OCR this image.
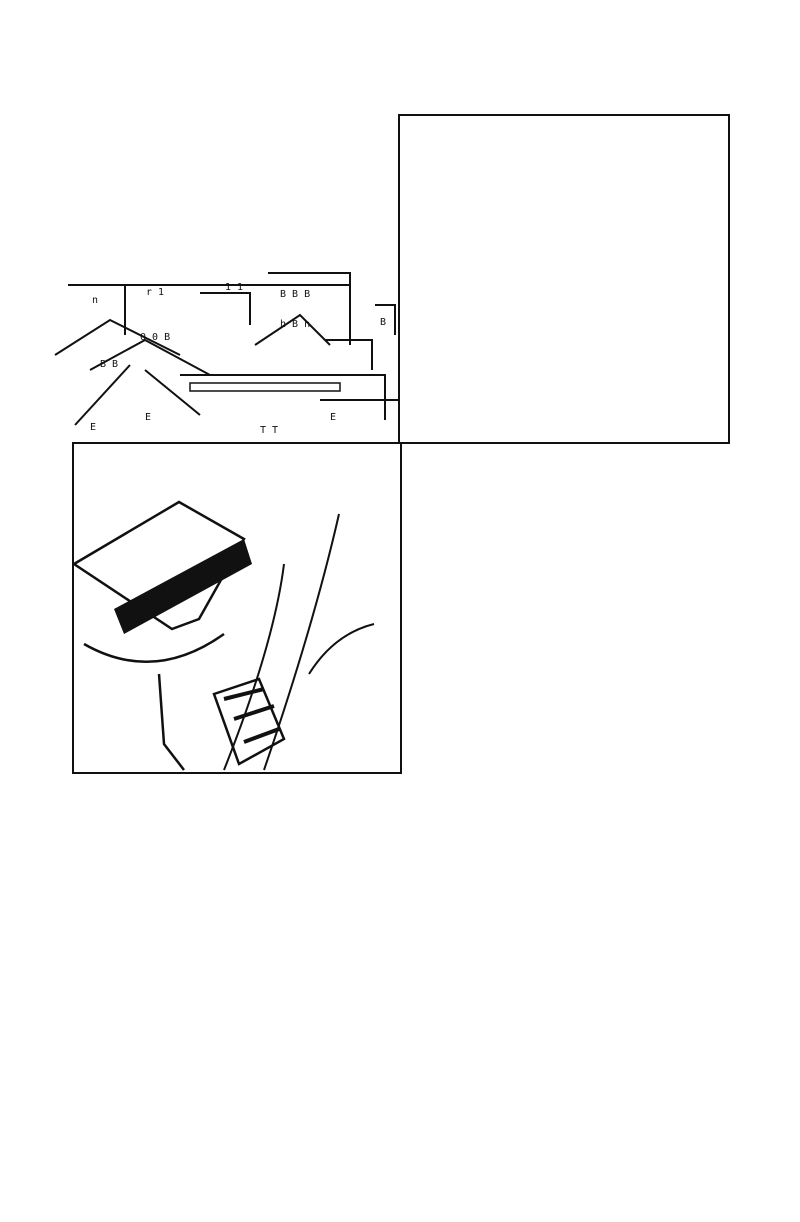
n
r 1	1 1
B B B
0 0 B
h B n
B B
B
E
E	T T
E
